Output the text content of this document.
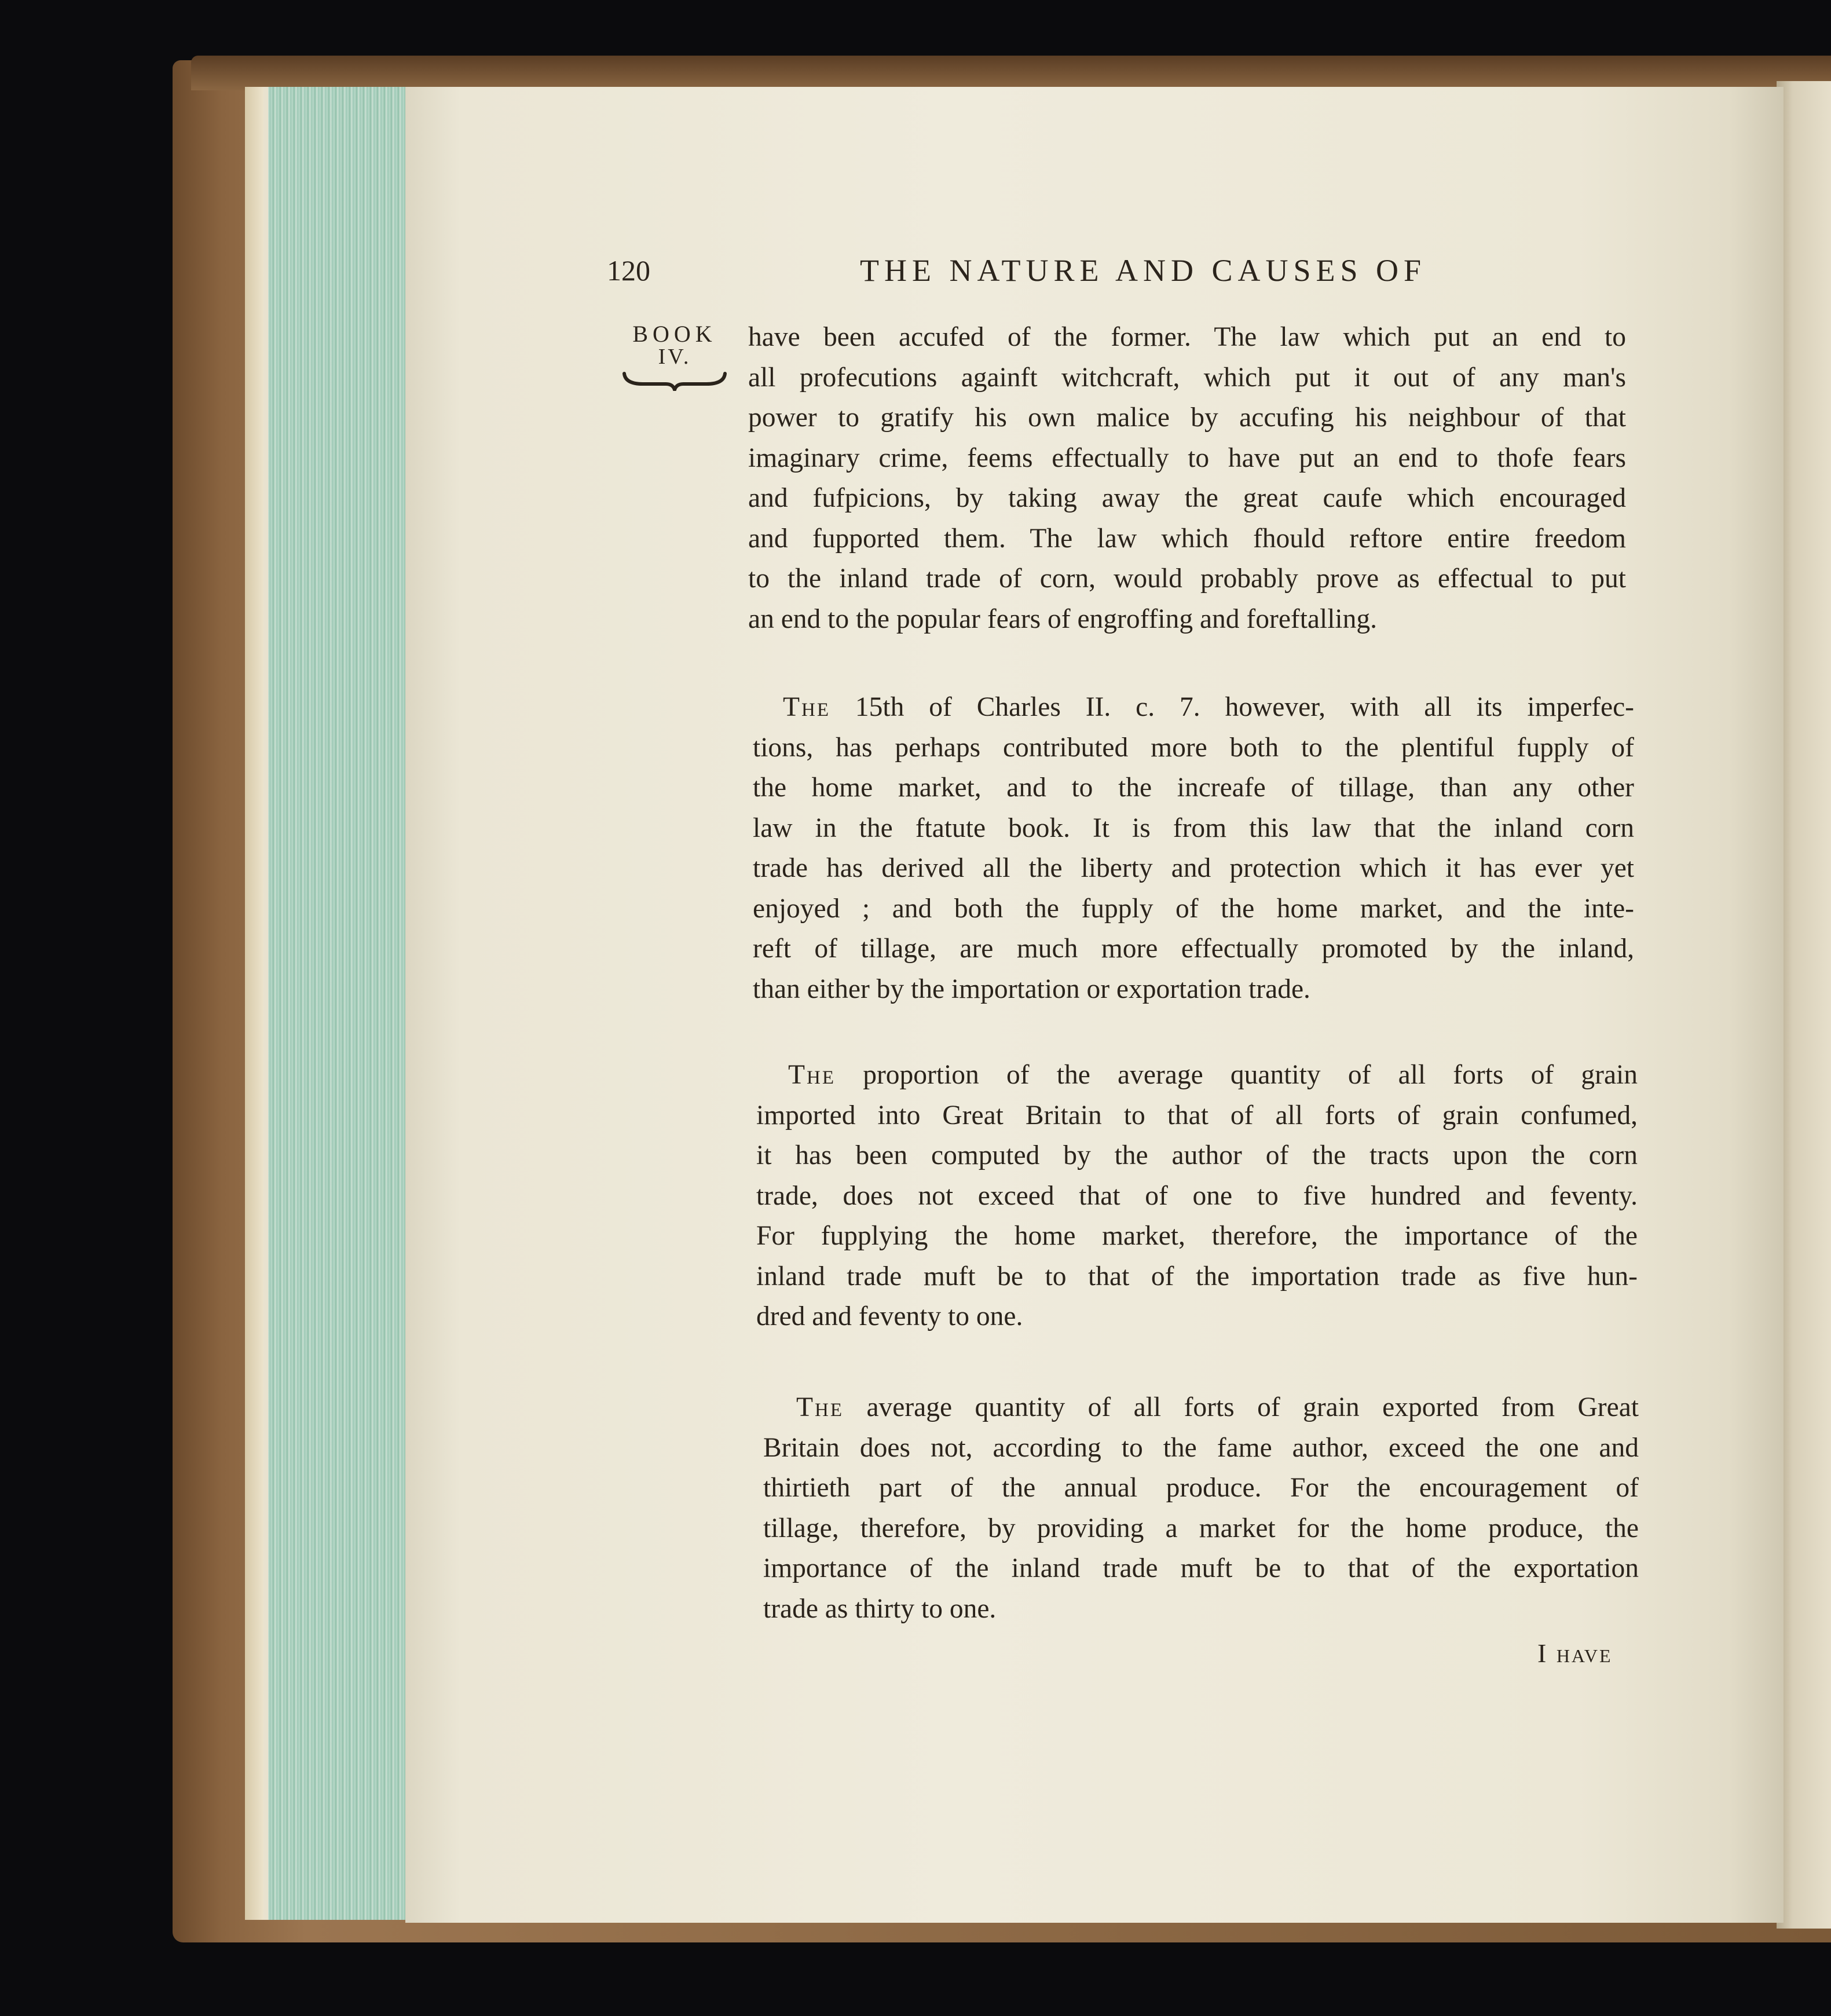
120	THE NATURE AND CAUSES OF
BOOK
IV.

have been accufed of the former. The law which put an end to
all profecutions againft witchcraft, which put it out of any man's
power to gratify his own malice by accufing his neighbour of that
imaginary crime, feems effectually to have put an end to thofe fears
and fufpicions, by taking away the great caufe which encouraged
and fupported them. The law which fhould reftore entire freedom
to the inland trade of corn, would probably prove as effectual to put
an end to the popular fears of engroffing and foreftalling.

The 15th of Charles II. c. 7. however, with all its imperfec-
tions, has perhaps contributed more both to the plentiful fupply of
the home market, and to the increafe of tillage, than any other
law in the ftatute book. It is from this law that the inland corn
trade has derived all the liberty and protection which it has ever yet
enjoyed ; and both the fupply of the home market, and the inte-
reft of tillage, are much more effectually promoted by the inland,
than either by the importation or exportation trade.

The proportion of the average quantity of all forts of grain
imported into Great Britain to that of all forts of grain confumed,
it has been computed by the author of the tracts upon the corn
trade, does not exceed that of one to five hundred and feventy.
For fupplying the home market, therefore, the importance of the
inland trade muft be to that of the importation trade as five hun-
dred and feventy to one.

The average quantity of all forts of grain exported from Great
Britain does not, according to the fame author, exceed the one and
thirtieth part of the annual produce. For the encouragement of
tillage, therefore, by providing a market for the home produce, the
importance of the inland trade muft be to that of the exportation
trade as thirty to one.

I have
